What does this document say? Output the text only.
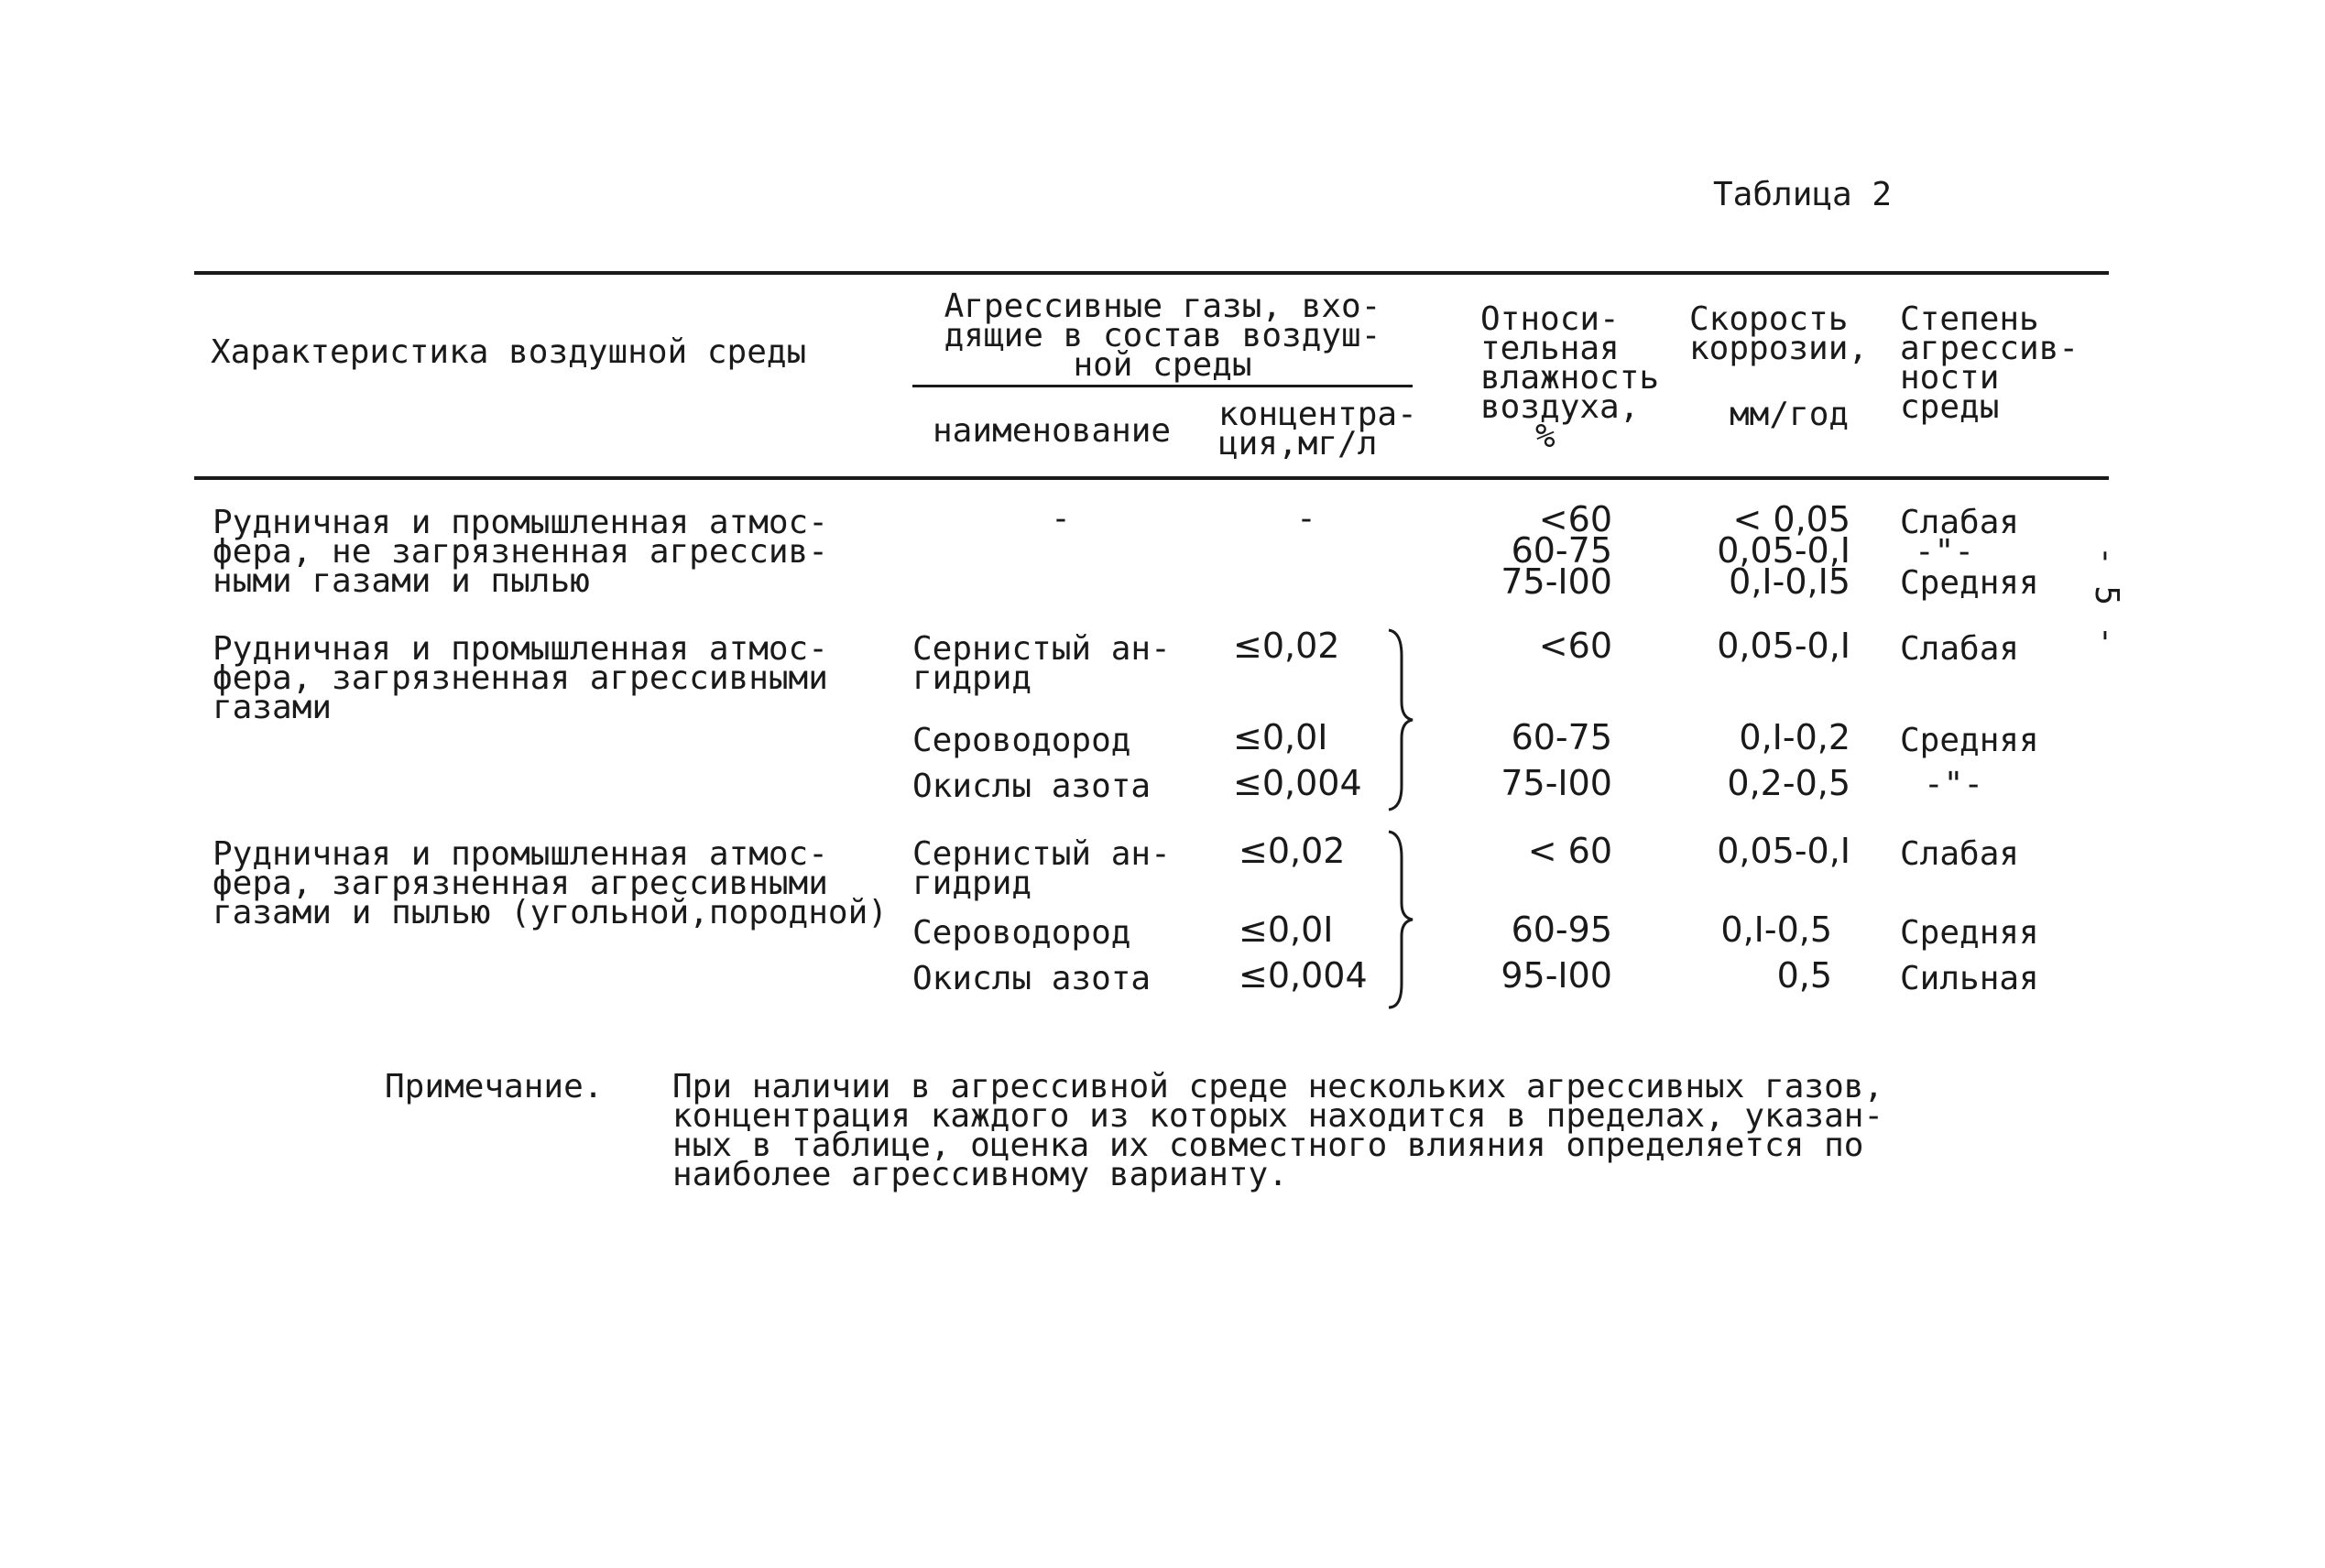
Таблица 2
Характеристика воздушной среды
Агрессивные газы, вхо-
дящие в состав воздуш-
ной среды
наименование концентра-
ция,мг/л
Относи-
тельная
влажность
воздуха,
%
Скорость
коррозии,
мм/год
Степень
агрессив-
ности
среды
Рудничная и промышленная атмос-
фера, не загрязненная агрессив-
ными газами и пылью
-	-	<60
60-75
75-I00
< 0,05
0,05-0,I
0,I-0,I5
Слабая
-"-
Средняя
Рудничная и промышленная атмос-
фера, загрязненная агрессивными
газами
Сернистый ан-
гидрид
Сероводород
Окислы азота
≤0,02
≤0,0I
≤0,004
<60
60-75
75-I00
0,05-0,I
0,I-0,2
0,2-0,5
Слабая
Средняя
-"-
Рудничная и промышленная атмос-
фера, загрязненная агрессивными
газами и пылью (угольной,породной)
Сернистый ан-
гидрид
Сероводород
Окислы азота
≤0,02
≤0,0I
≤0,004
< 60
60-95
95-I00
0,05-0,I
0,I-0,5
0,5
Слабая
Средняя
Сильная
Примечание. При наличии в агрессивной среде нескольких агрессивных газов,
концентрация каждого из которых находится в пределах, указан-
ных в таблице, оценка их совместного влияния определяется по
наиболее агрессивному варианту.
- 5 -
